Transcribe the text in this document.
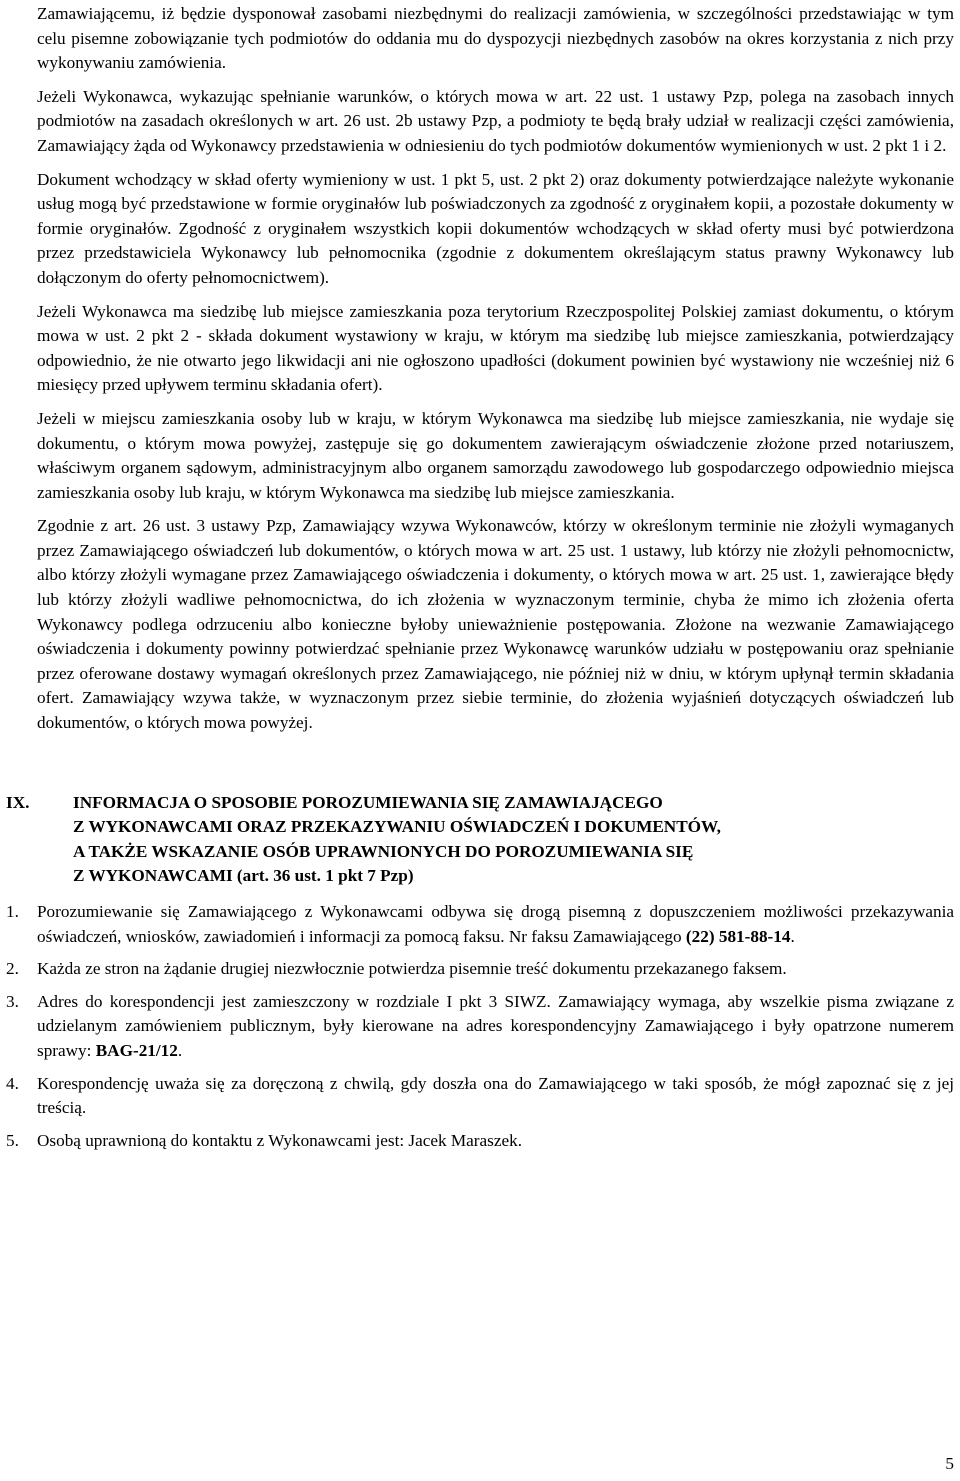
Zamawiającemu, iż będzie dysponował zasobami niezbędnymi do realizacji zamówienia, w szczególności przedstawiając w tym celu pisemne zobowiązanie tych podmiotów do oddania mu do dyspozycji niezbędnych zasobów na okres korzystania z nich przy wykonywaniu zamówienia.

Jeżeli Wykonawca, wykazując spełnianie warunków, o których mowa w art. 22 ust. 1 ustawy Pzp, polega na zasobach innych podmiotów na zasadach określonych w art. 26 ust. 2b ustawy Pzp, a podmioty te będą brały udział w realizacji części zamówienia, Zamawiający żąda od Wykonawcy przedstawienia w odniesieniu do tych podmiotów dokumentów wymienionych w ust. 2 pkt 1 i 2.

Dokument wchodzący w skład oferty wymieniony w ust. 1 pkt 5, ust. 2 pkt 2) oraz dokumenty potwierdzające należyte wykonanie usług mogą być przedstawione w formie oryginałów lub poświadczonych za zgodność z oryginałem kopii, a pozostałe dokumenty w formie oryginałów. Zgodność z oryginałem wszystkich kopii dokumentów wchodzących w skład oferty musi być potwierdzona przez przedstawiciela Wykonawcy lub pełnomocnika (zgodnie z dokumentem określającym status prawny Wykonawcy lub dołączonym do oferty pełnomocnictwem).

Jeżeli Wykonawca ma siedzibę lub miejsce zamieszkania poza terytorium Rzeczpospolitej Polskiej zamiast dokumentu, o którym mowa w ust. 2 pkt 2 - składa dokument wystawiony w kraju, w którym ma siedzibę lub miejsce zamieszkania, potwierdzający odpowiednio, że nie otwarto jego likwidacji ani nie ogłoszono upadłości (dokument powinien być wystawiony nie wcześniej niż 6 miesięcy przed upływem terminu składania ofert).

Jeżeli w miejscu zamieszkania osoby lub w kraju, w którym Wykonawca ma siedzibę lub miejsce zamieszkania, nie wydaje się dokumentu, o którym mowa powyżej, zastępuje się go dokumentem zawierającym oświadczenie złożone przed notariuszem, właściwym organem sądowym, administracyjnym albo organem samorządu zawodowego lub gospodarczego odpowiednio miejsca zamieszkania osoby lub kraju, w którym Wykonawca ma siedzibę lub miejsce zamieszkania.

Zgodnie z art. 26 ust. 3 ustawy Pzp, Zamawiający wzywa Wykonawców, którzy w określonym terminie nie złożyli wymaganych przez Zamawiającego oświadczeń lub dokumentów, o których mowa w art. 25 ust. 1 ustawy, lub którzy nie złożyli pełnomocnictw, albo którzy złożyli wymagane przez Zamawiającego oświadczenia i dokumenty, o których mowa w art. 25 ust. 1, zawierające błędy lub którzy złożyli wadliwe pełnomocnictwa, do ich złożenia w wyznaczonym terminie, chyba że mimo ich złożenia oferta Wykonawcy podlega odrzuceniu albo konieczne byłoby unieważnienie postępowania. Złożone na wezwanie Zamawiającego oświadczenia i dokumenty powinny potwierdzać spełnianie przez Wykonawcę warunków udziału w postępowaniu oraz spełnianie przez oferowane dostawy wymagań określonych przez Zamawiającego, nie później niż w dniu, w którym upłynął termin składania ofert. Zamawiający wzywa także, w wyznaczonym przez siebie terminie, do złożenia wyjaśnień dotyczących oświadczeń lub dokumentów, o których mowa powyżej.

IX.	INFORMACJA O SPOSOBIE POROZUMIEWANIA SIĘ ZAMAWIAJĄCEGO
Z WYKONAWCAMI ORAZ PRZEKAZYWANIU OŚWIADCZEŃ I DOKUMENTÓW,
A TAKŻE WSKAZANIE OSÓB UPRAWNIONYCH DO POROZUMIEWANIA SIĘ
Z WYKONAWCAMI (art. 36 ust. 1 pkt 7 Pzp)
1. Porozumiewanie się Zamawiającego z Wykonawcami odbywa się drogą pisemną z dopuszczeniem możliwości przekazywania oświadczeń, wniosków, zawiadomień i informacji za pomocą faksu. Nr faksu Zamawiającego (22) 581-88-14.

2. Każda ze stron na żądanie drugiej niezwłocznie potwierdza pisemnie treść dokumentu przekazanego faksem.

3. Adres do korespondencji jest zamieszczony w rozdziale I pkt 3 SIWZ. Zamawiający wymaga, aby wszelkie pisma związane z udzielanym zamówieniem publicznym, były kierowane na adres korespondencyjny Zamawiającego i były opatrzone numerem sprawy: BAG-21/12.

4. Korespondencję uważa się za doręczoną z chwilą, gdy doszła ona do Zamawiającego w taki sposób, że mógł zapoznać się z jej treścią.

5. Osobą uprawnioną do kontaktu z Wykonawcami jest: Jacek Maraszek.

5
